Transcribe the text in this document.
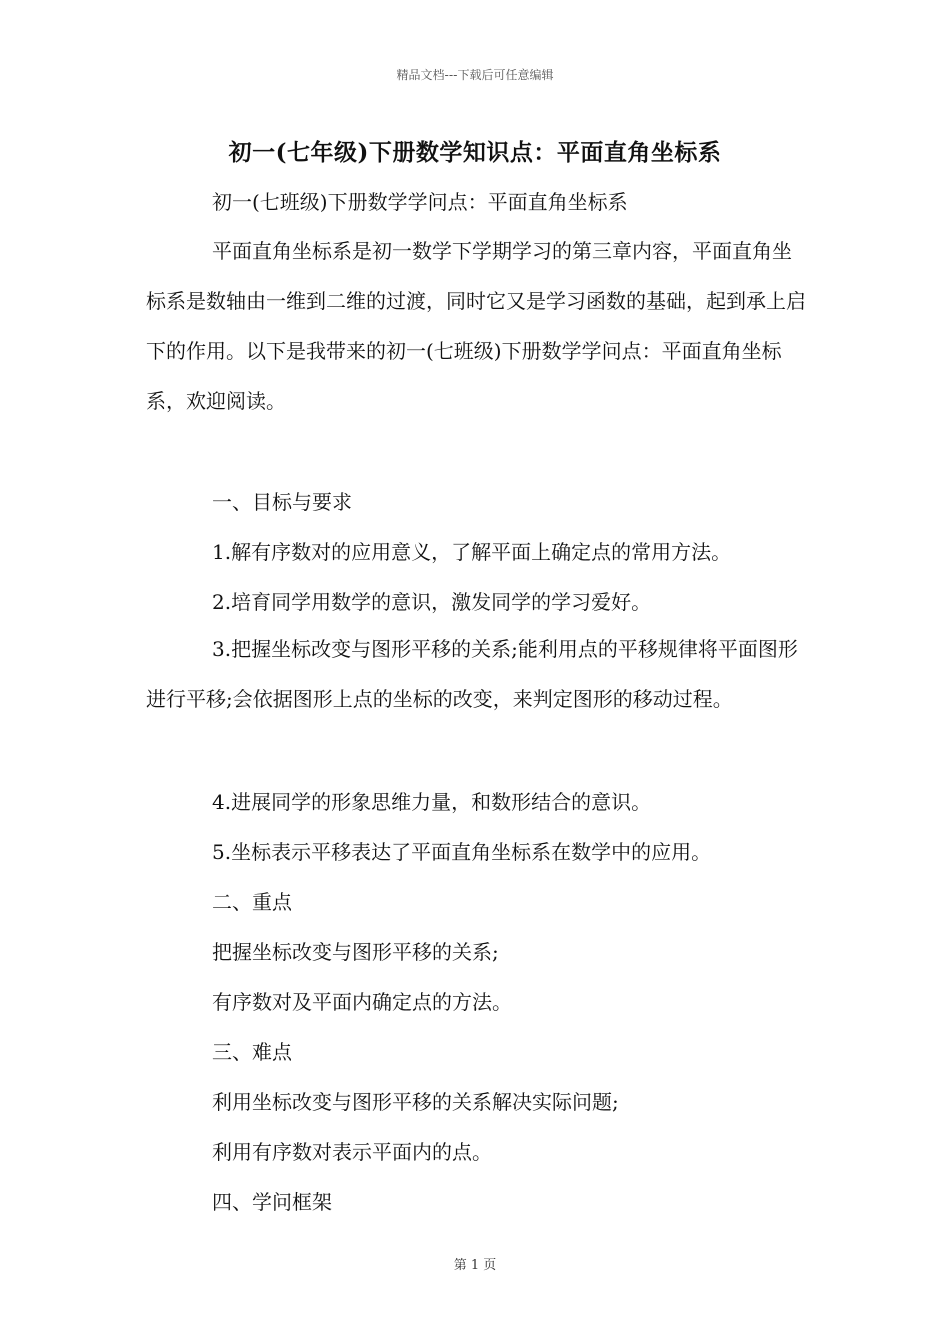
精品文档---下载后可任意编辑
初一(七年级)下册数学知识点：平面直角坐标系
初一(七班级)下册数学学问点：平面直角坐标系
平面直角坐标系是初一数学下学期学习的第三章内容，平面直角坐标系是数轴由一维到二维的过渡，同时它又是学习函数的基础，起到承上启下的作用。以下是我带来的初一(七班级)下册数学学问点：平面直角坐标系，欢迎阅读。
一、目标与要求
1.解有序数对的应用意义，了解平面上确定点的常用方法。
2.培育同学用数学的意识，激发同学的学习爱好。
3.把握坐标改变与图形平移的关系;能利用点的平移规律将平面图形进行平移;会依据图形上点的坐标的改变，来判定图形的移动过程。
4.进展同学的形象思维力量，和数形结合的意识。
5.坐标表示平移表达了平面直角坐标系在数学中的应用。
二、重点
把握坐标改变与图形平移的关系;
有序数对及平面内确定点的方法。
三、难点
利用坐标改变与图形平移的关系解决实际问题;
利用有序数对表示平面内的点。
四、学问框架
第 1 页
